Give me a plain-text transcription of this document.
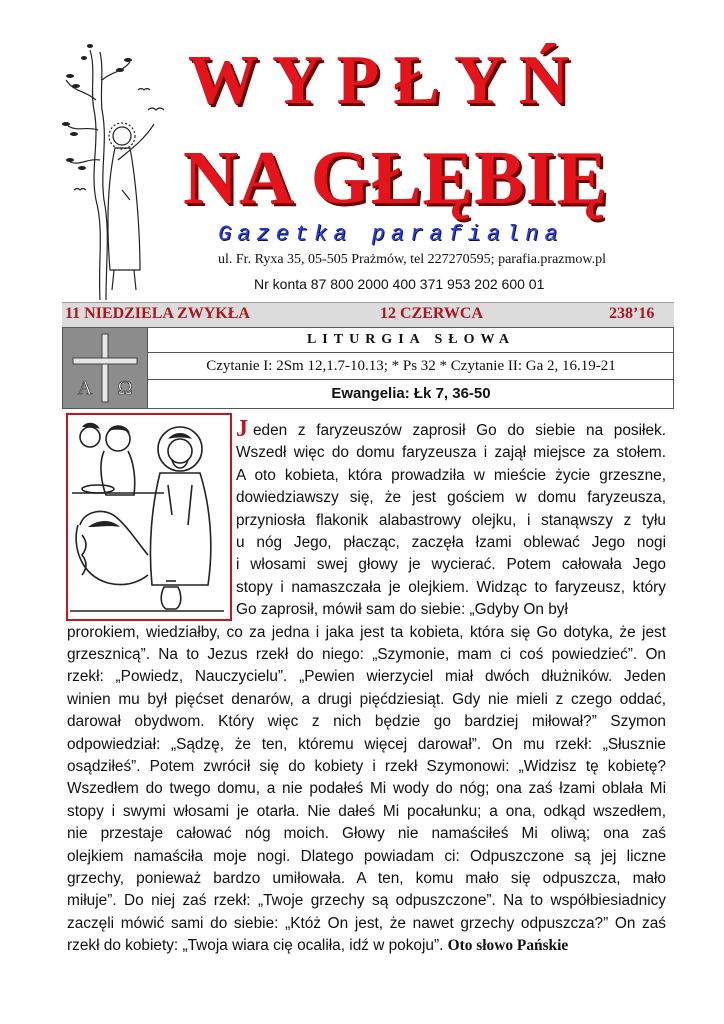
WYPŁYŃ
NA GŁĘBIĘ
Gazetka parafialna
ul. Fr. Ryxa 35, 05-505 Prażmów, tel 227270595; parafia.prazmow.pl
Nr konta 87 800 2000 400 371 953 202 600 01
11 NIEDZIELA ZWYKŁA	12 CZERWCA	238’16
A Ω
LITURGIA SŁOWA
Czytanie I: 2Sm 12,1.7-10.13; * Ps 32 * Czytanie II: Ga 2, 16.19-21
Ewangelia: Łk 7, 36-50
eden z faryzeuszów zaprosił Go do siebie na posiłek.
Wszedł więc do domu faryzeusza i zajął miejsce za stołem.
A oto kobieta, która prowadziła w mieście życie grzeszne,
dowiedziawszy się, że jest gościem w domu faryzeusza,
przyniosła flakonik alabastrowy olejku, i stanąwszy z tyłu
u nóg Jego, płacząc, zaczęła łzami oblewać Jego nogi
i włosami swej głowy je wycierać. Potem całowała Jego
stopy i namaszczała je olejkiem. Widząc to faryzeusz, który
Go zaprosił, mówił sam do siebie: „Gdyby On był
J
prorokiem, wiedziałby, co za jedna i jaka jest ta kobieta, która się Go dotyka, że jest
grzesznicą”. Na to Jezus rzekł do niego: „Szymonie, mam ci coś powiedzieć”. On
rzekł: „Powiedz, Nauczycielu”. „Pewien wierzyciel miał dwóch dłużników. Jeden
winien mu był pięćset denarów, a drugi pięćdziesiąt. Gdy nie mieli z czego oddać,
darował obydwom. Który więc z nich będzie go bardziej miłował?” Szymon
odpowiedział: „Sądzę, że ten, któremu więcej darował”. On mu rzekł: „Słusznie
osądziłeś”. Potem zwrócił się do kobiety i rzekł Szymonowi: „Widzisz tę kobietę?
Wszedłem do twego domu, a nie podałeś Mi wody do nóg; ona zaś łzami oblała Mi
stopy i swymi włosami je otarła. Nie dałeś Mi pocałunku; a ona, odkąd wszedłem,
nie przestaje całować nóg moich. Głowy nie namaściłeś Mi oliwą; ona zaś
olejkiem namaściła moje nogi. Dlatego powiadam ci: Odpuszczone są jej liczne
grzechy, ponieważ bardzo umiłowała. A ten, komu mało się odpuszcza, mało
miłuje”. Do niej zaś rzekł: „Twoje grzechy są odpuszczone”. Na to współbiesiadnicy
zaczęli mówić sami do siebie: „Któż On jest, że nawet grzechy odpuszcza?” On zaś
rzekł do kobiety: „Twoja wiara cię ocaliła, idź w pokoju”. Oto słowo Pańskie
